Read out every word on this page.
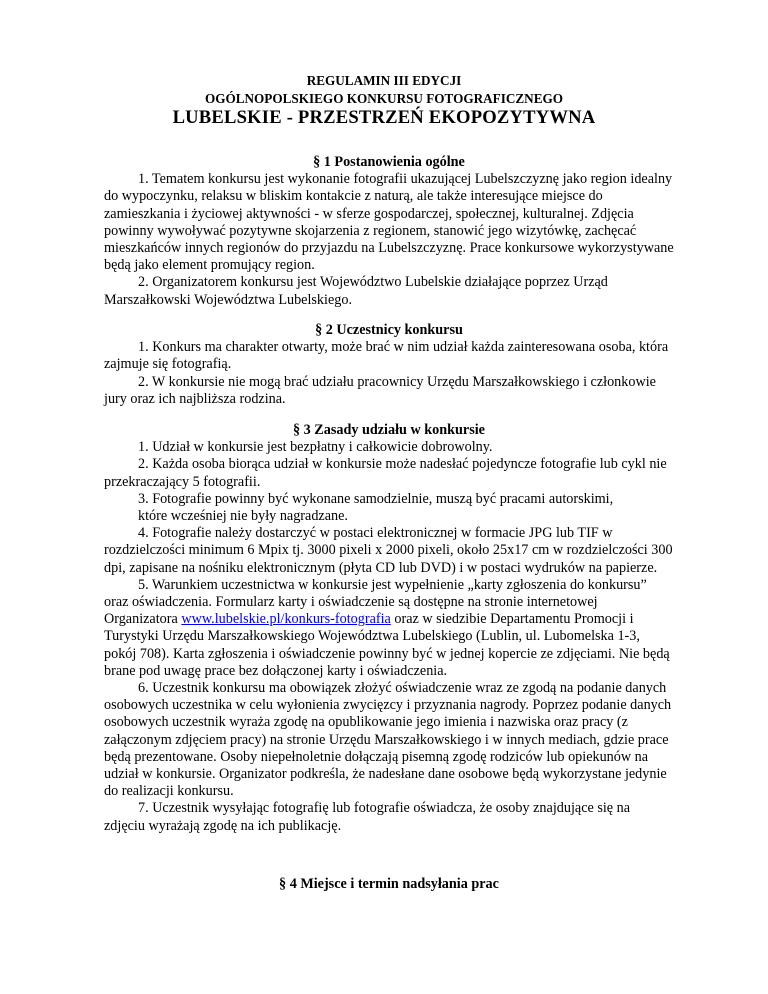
REGULAMIN III EDYCJI

OGÓLNOPOLSKIEGO KONKURSU FOTOGRAFICZNEGO

LUBELSKIE - PRZESTRZEŃ EKOPOZYTYWNA

§ 1 Postanowienia ogólne

1. Tematem konkursu jest wykonanie fotografii ukazującej Lubelszczyznę jako region idealny do wypoczynku, relaksu w bliskim kontakcie z naturą, ale także interesujące miejsce do zamieszkania i życiowej aktywności - w sferze gospodarczej, społecznej, kulturalnej. Zdjęcia powinny wywoływać pozytywne skojarzenia z regionem, stanowić jego wizytówkę, zachęcać mieszkańców innych regionów do przyjazdu na Lubelszczyznę. Prace konkursowe wykorzystywane będą jako element promujący region.

2. Organizatorem konkursu jest Województwo Lubelskie działające poprzez Urząd Marszałkowski Województwa Lubelskiego.

§ 2 Uczestnicy konkursu

1. Konkurs ma charakter otwarty, może brać w nim udział każda zainteresowana osoba, która zajmuje się fotografią.

2. W konkursie nie mogą brać udziału pracownicy Urzędu Marszałkowskiego i członkowie jury oraz ich najbliższa rodzina.

§ 3 Zasady udziału w konkursie

1. Udział w konkursie jest bezpłatny i całkowicie dobrowolny.

2. Każda osoba biorąca udział w konkursie może nadesłać pojedyncze fotografie lub cykl nie przekraczający 5 fotografii.

3. Fotografie powinny być wykonane samodzielnie, muszą być pracami autorskimi,

które wcześniej nie były nagradzane.

4. Fotografie należy dostarczyć w postaci elektronicznej w formacie JPG lub TIF w rozdzielczości minimum 6 Mpix tj. 3000 pixeli x 2000 pixeli, około 25x17 cm w rozdzielczości 300 dpi, zapisane na nośniku elektronicznym (płyta CD lub DVD) i w postaci wydruków na papierze.

5. Warunkiem uczestnictwa w konkursie jest wypełnienie „karty zgłoszenia do konkursu” oraz oświadczenia. Formularz karty i oświadczenie są dostępne na stronie internetowej Organizatora www.lubelskie.pl/konkurs-fotografia oraz w siedzibie Departamentu Promocji i Turystyki Urzędu Marszałkowskiego Województwa Lubelskiego (Lublin, ul. Lubomelska 1-3, pokój 708). Karta zgłoszenia i oświadczenie powinny być w jednej kopercie ze zdjęciami. Nie będą brane pod uwagę prace bez dołączonej karty i oświadczenia.

6. Uczestnik konkursu ma obowiązek złożyć oświadczenie wraz ze zgodą na podanie danych osobowych uczestnika w celu wyłonienia zwycięzcy i przyznania nagrody. Poprzez podanie danych osobowych uczestnik wyraża zgodę na opublikowanie jego imienia i nazwiska oraz pracy (z załączonym zdjęciem pracy) na stronie Urzędu Marszałkowskiego i w innych mediach, gdzie prace będą prezentowane. Osoby niepełnoletnie dołączają pisemną zgodę rodziców lub opiekunów na udział w konkursie. Organizator podkreśla, że nadesłane dane osobowe będą wykorzystane jedynie do realizacji konkursu.

7. Uczestnik wysyłając fotografię lub fotografie oświadcza, że osoby znajdujące się na zdjęciu wyrażają zgodę na ich publikację.

§ 4 Miejsce i termin nadsyłania prac
